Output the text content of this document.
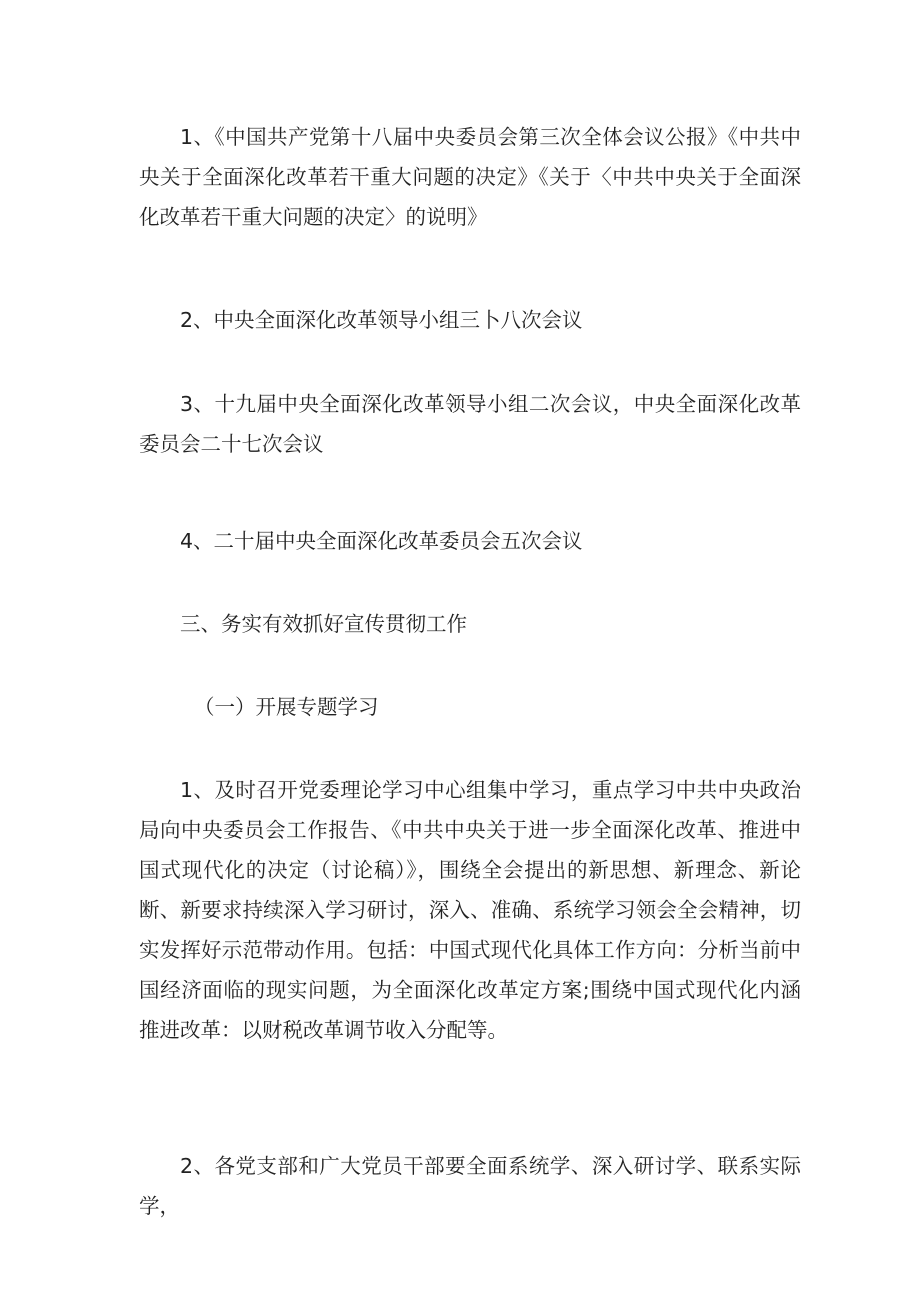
1、《中国共产党第十八届中央委员会第三次全体会议公报》《中共中央关于全面深化改革若干重大问题的决定》《关于〈中共中央关于全面深化改革若干重大问题的决定〉的说明》

2、中央全面深化改革领导小组三卜八次会议

3、十九届中央全面深化改革领导小组二次会议，中央全面深化改革委员会二十七次会议

4、二十届中央全面深化改革委员会五次会议

三、务实有效抓好宣传贯彻工作

（一）开展专题学习

1、及时召开党委理论学习中心组集中学习，重点学习中共中央政治局向中央委员会工作报告、《中共中央关于进一步全面深化改革、推进中国式现代化的决定（讨论稿）》，围绕全会提出的新思想、新理念、新论断、新要求持续深入学习研讨，深入、准确、系统学习领会全会精神，切实发挥好示范带动作用。包括：中国式现代化具体工作方向：分析当前中国经济面临的现实问题，为全面深化改革定方案;围绕中国式现代化内涵推进改革：以财税改革调节收入分配等。

2、各党支部和广大党员干部要全面系统学、深入研讨学、联系实际学，
